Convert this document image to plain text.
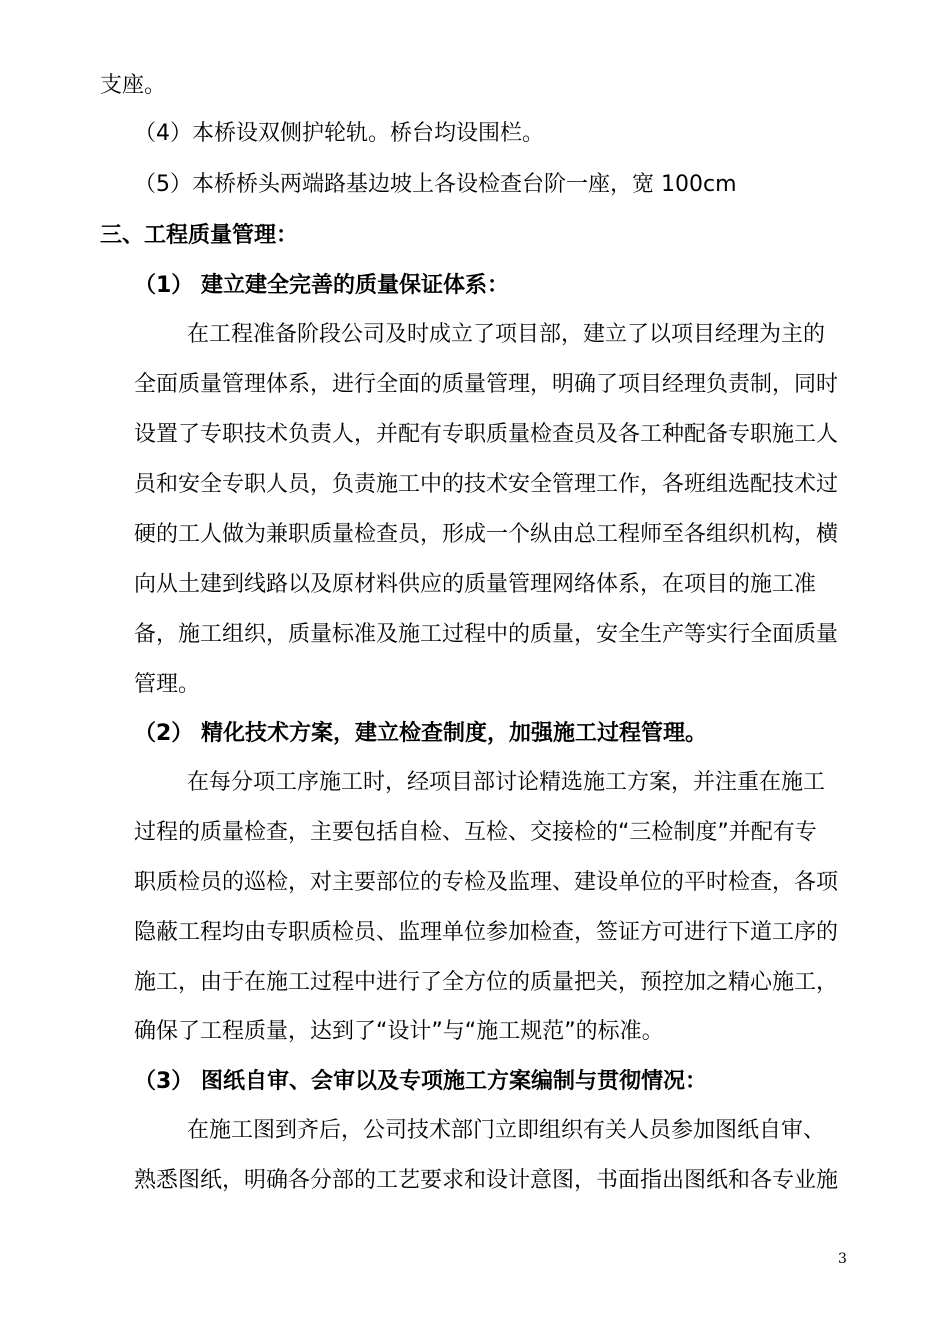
支座。
（4）本桥设双侧护轮轨。桥台均设围栏。
（5）本桥桥头两端路基边坡上各设检查台阶一座，宽 100cm
三、工程质量管理：
（1） 建立建全完善的质量保证体系：
在工程准备阶段公司及时成立了项目部，建立了以项目经理为主的
全面质量管理体系，进行全面的质量管理，明确了项目经理负责制，同时
设置了专职技术负责人，并配有专职质量检查员及各工种配备专职施工人
员和安全专职人员，负责施工中的技术安全管理工作，各班组选配技术过
硬的工人做为兼职质量检查员，形成一个纵由总工程师至各组织机构，横
向从土建到线路以及原材料供应的质量管理网络体系，在项目的施工准
备，施工组织，质量标准及施工过程中的质量，安全生产等实行全面质量
管理。
（2） 精化技术方案，建立检查制度，加强施工过程管理。
在每分项工序施工时，经项目部讨论精选施工方案，并注重在施工
过程的质量检查，主要包括自检、互检、交接检的“三检制度”并配有专
职质检员的巡检，对主要部位的专检及监理、建设单位的平时检查，各项
隐蔽工程均由专职质检员、监理单位参加检查，签证方可进行下道工序的
施工，由于在施工过程中进行了全方位的质量把关，预控加之精心施工，
确保了工程质量，达到了“设计”与“施工规范”的标准。
（3） 图纸自审、会审以及专项施工方案编制与贯彻情况：
在施工图到齐后，公司技术部门立即组织有关人员参加图纸自审、
熟悉图纸，明确各分部的工艺要求和设计意图，书面指出图纸和各专业施
3
